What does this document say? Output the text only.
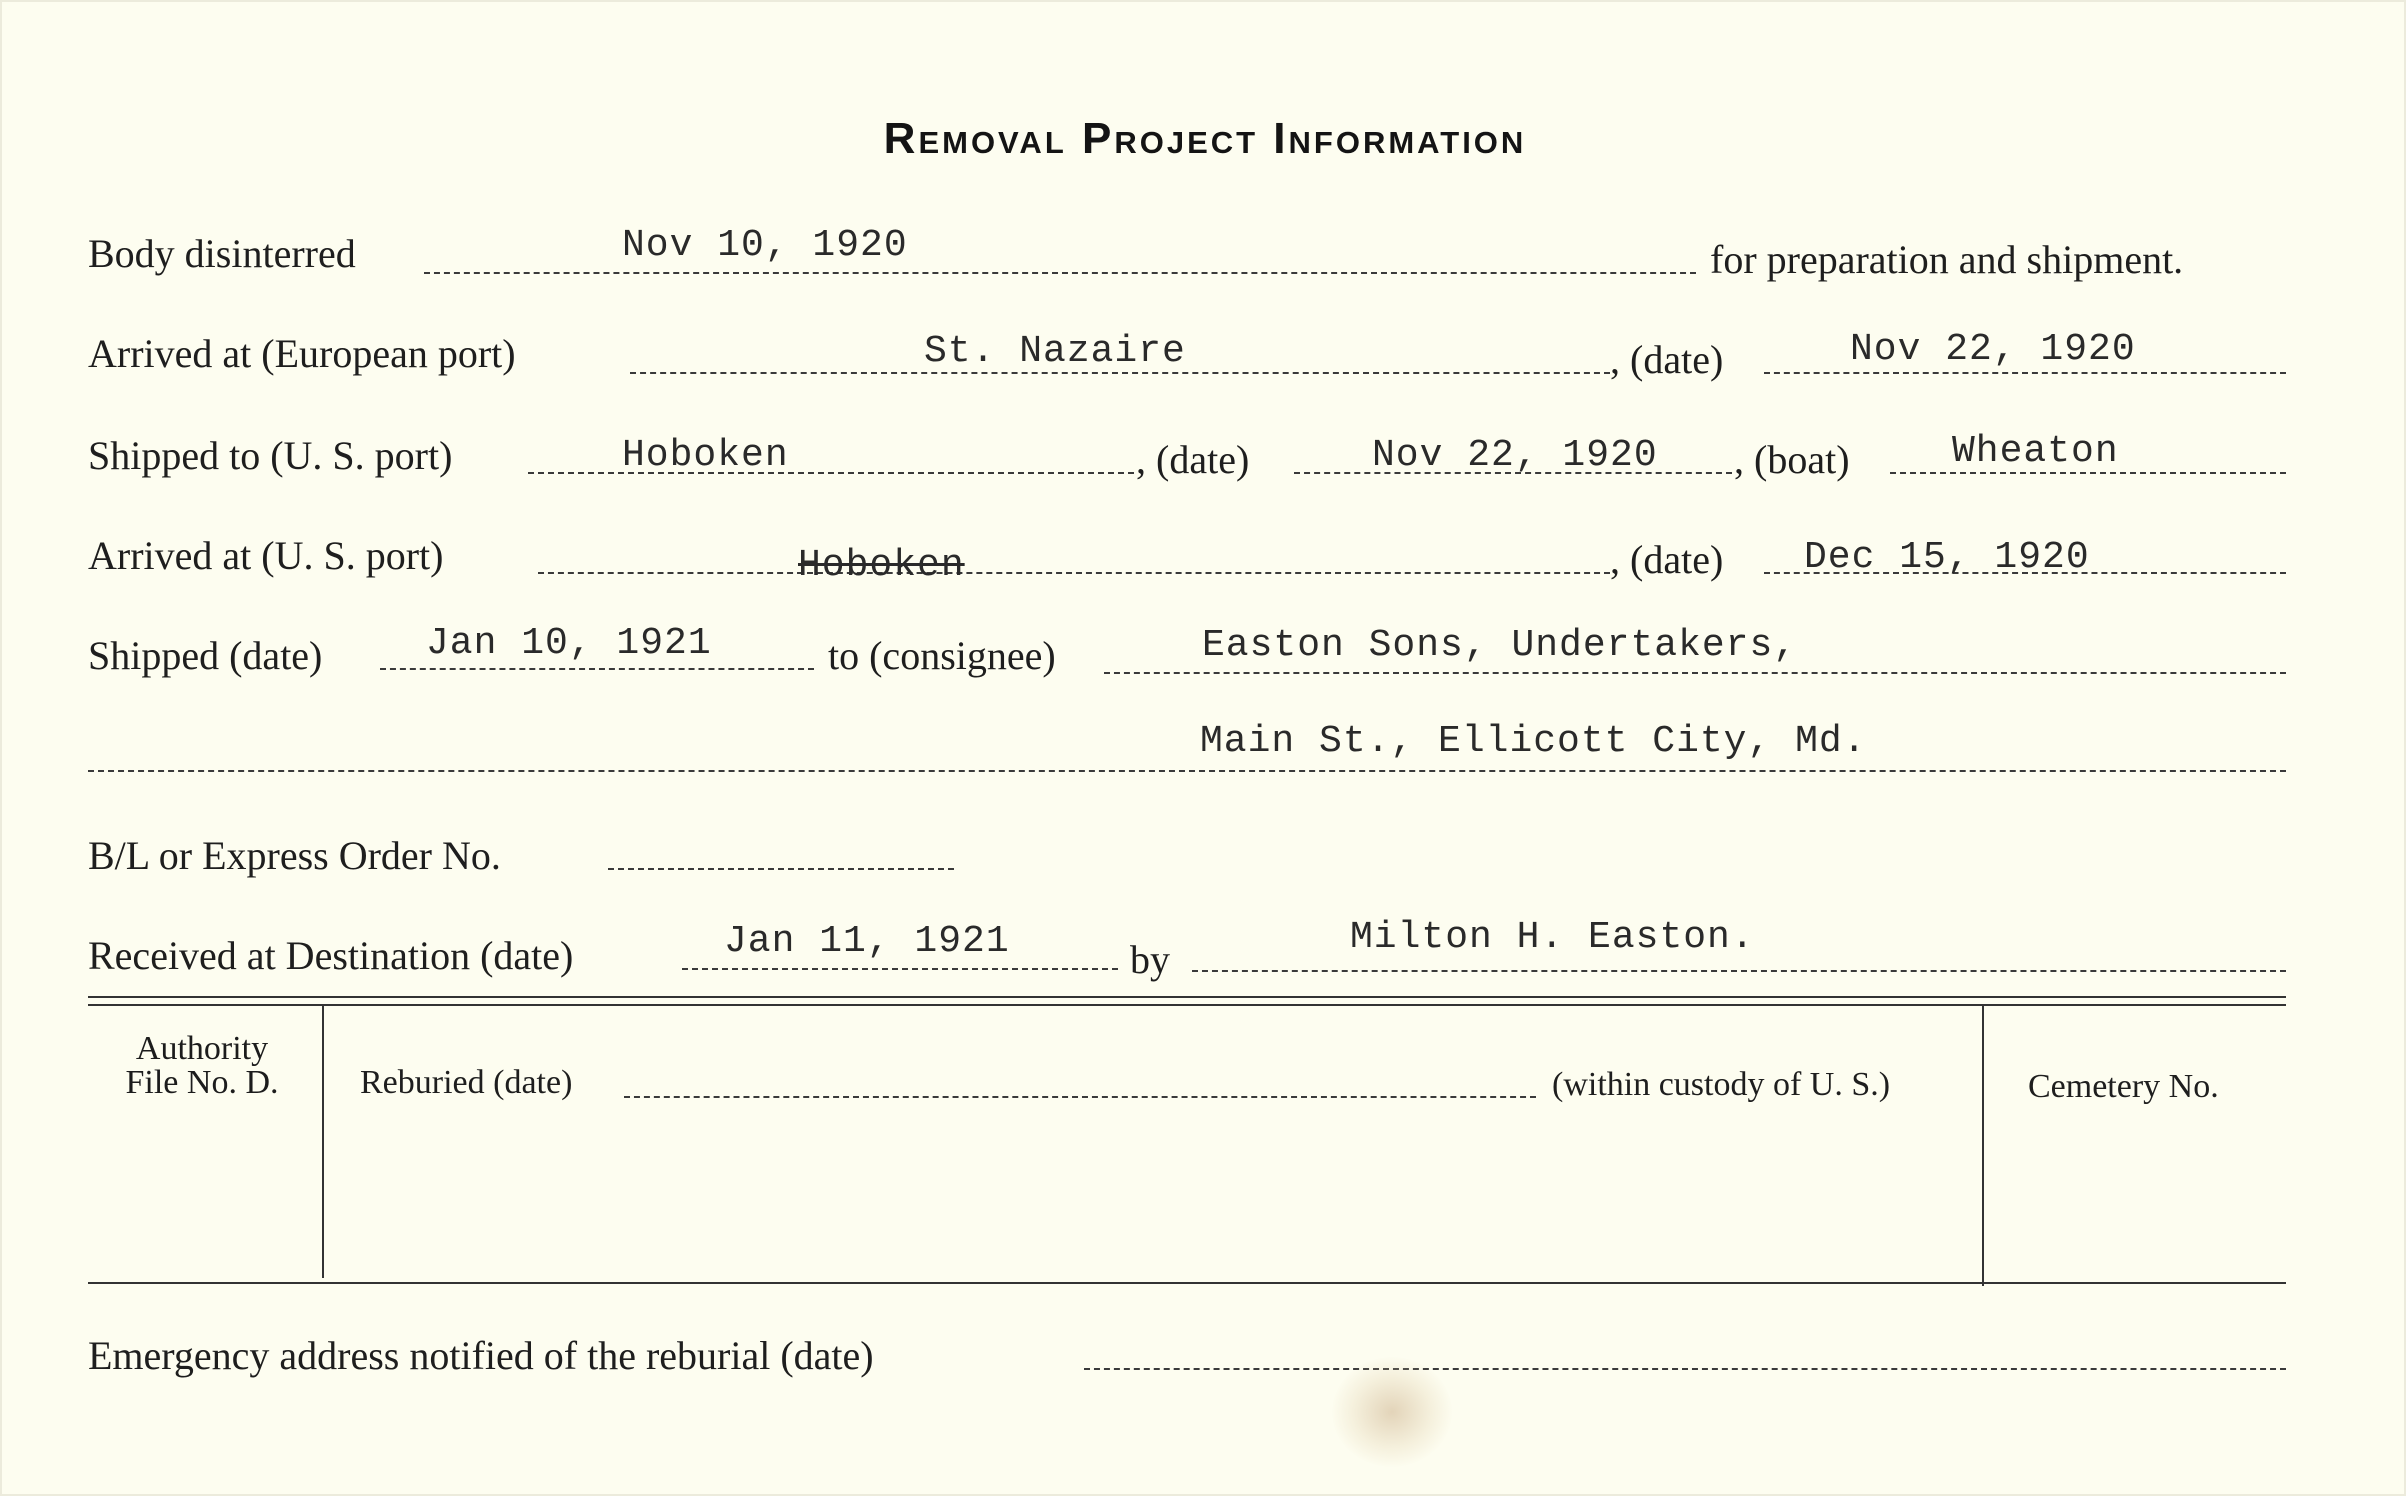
Removal Project Information
Body disinterred	Nov 10, 1920	for preparation and shipment.
Arrived at (European port)	St. Nazaire	, (date)	Nov 22, 1920
Shipped to (U. S. port)	Hoboken	, (date)	Nov 22, 1920 , (boat)	Wheaton
Arrived at (U. S. port)	Hoboken	, (date) Dec 15, 1920
Shipped (date)	Jan 10, 1921	to (consignee)	Easton Sons, Undertakers,
Main St., Ellicott City, Md.
B/L or Express Order No.
Received at Destination (date)	Jan 11, 1921	by	Milton H. Easton.
Authority
File No. D.	Reburied (date)	(within custody of U. S.)	Cemetery No.
Emergency address notified of the reburial (date)
